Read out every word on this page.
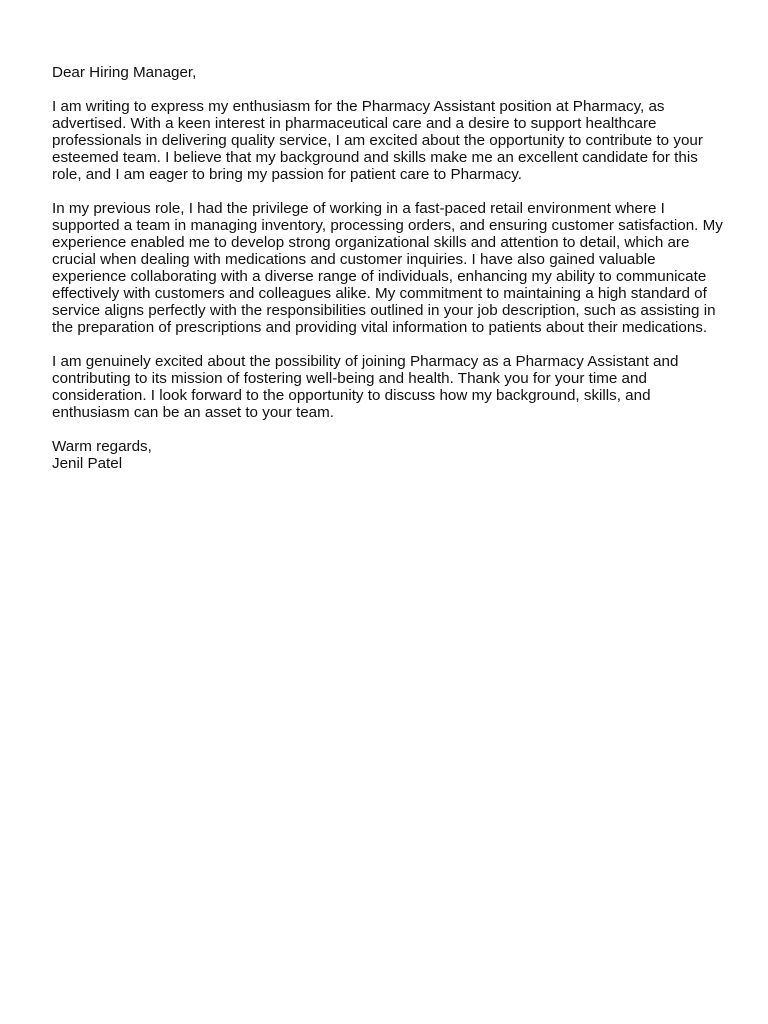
Dear Hiring Manager,

I am writing to express my enthusiasm for the Pharmacy Assistant position at Pharmacy, as advertised. With a keen interest in pharmaceutical care and a desire to support healthcare professionals in delivering quality service, I am excited about the opportunity to contribute to your esteemed team. I believe that my background and skills make me an excellent candidate for this role, and I am eager to bring my passion for patient care to Pharmacy.

In my previous role, I had the privilege of working in a fast-paced retail environment where I supported a team in managing inventory, processing orders, and ensuring customer satisfaction. My experience enabled me to develop strong organizational skills and attention to detail, which are crucial when dealing with medications and customer inquiries. I have also gained valuable experience collaborating with a diverse range of individuals, enhancing my ability to communicate effectively with customers and colleagues alike. My commitment to maintaining a high standard of service aligns perfectly with the responsibilities outlined in your job description, such as assisting in the preparation of prescriptions and providing vital information to patients about their medications.

I am genuinely excited about the possibility of joining Pharmacy as a Pharmacy Assistant and contributing to its mission of fostering well-being and health. Thank you for your time and consideration. I look forward to the opportunity to discuss how my background, skills, and enthusiasm can be an asset to your team.

Warm regards,

Jenil Patel
